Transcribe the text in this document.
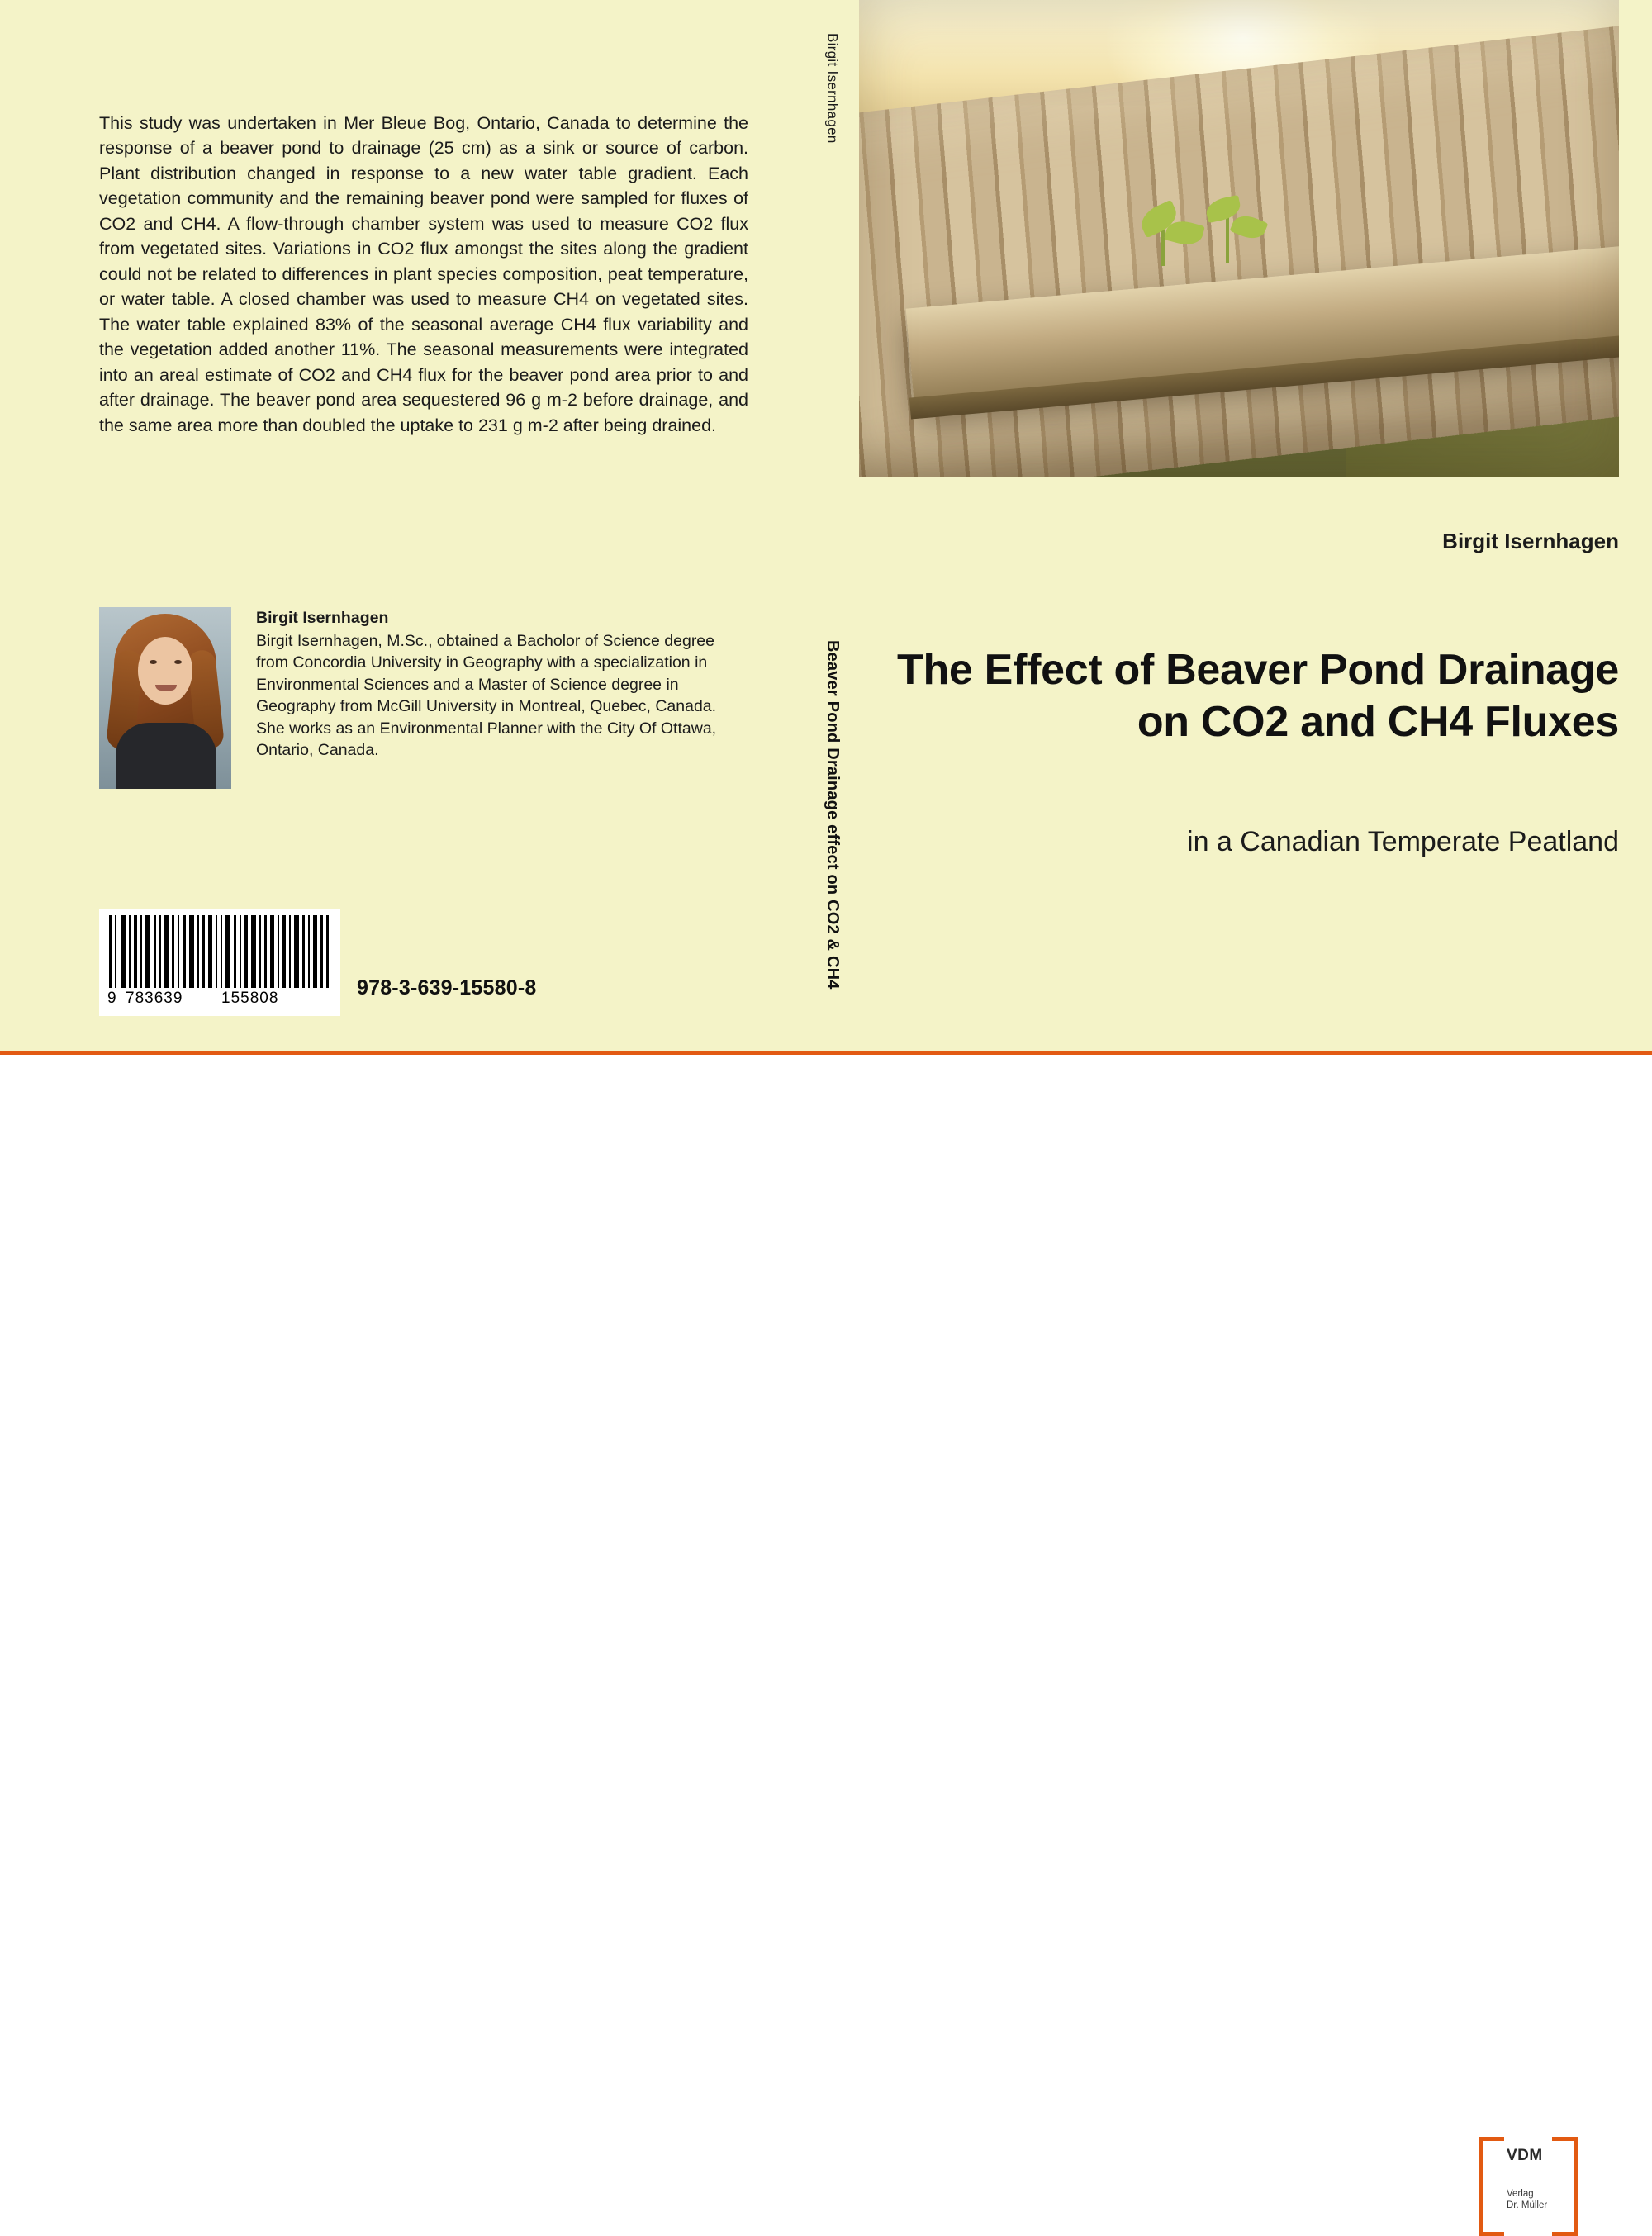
This study was undertaken in Mer Bleue Bog, Ontario, Canada to determine the response of a beaver pond to drainage (25 cm) as a sink or source of carbon. Plant distribution changed in response to a new water table gradient. Each vegetation community and the remaining beaver pond were sampled for fluxes of CO2 and CH4. A flow-through chamber system was used to measure CO2 flux from vegetated sites. Variations in CO2 flux amongst the sites along the gradient could not be related to differences in plant species composition, peat temperature, or water table. A closed chamber was used to measure CH4 on vegetated sites. The water table explained 83% of the seasonal average CH4 flux variability and the vegetation added another 11%. The seasonal measurements were integrated into an areal estimate of CO2 and CH4 flux for the beaver pond area prior to and after drainage. The beaver pond area sequestered 96 g m-2 before drainage, and the same area more than doubled the uptake to 231 g m-2 after being drained.

Birgit Isernhagen
Birgit Isernhagen, M.Sc., obtained a Bacholor of Science degree from Concordia University in Geography with a specialization in Environmental Sciences and a Master of Science degree in Geography from McGill University in Montreal, Quebec, Canada. She works as an Environmental Planner with the City Of Ottawa, Ontario, Canada.
9 783639 155808	978-3-639-15580-8
Birgit Isernhagen
Beaver Pond Drainage effect on CO2 & CH4
Birgit Isernhagen
The Effect of Beaver Pond Drainage on CO2 and CH4 Fluxes
in a Canadian Temperate Peatland
VDM
Verlag
Dr. Müller
